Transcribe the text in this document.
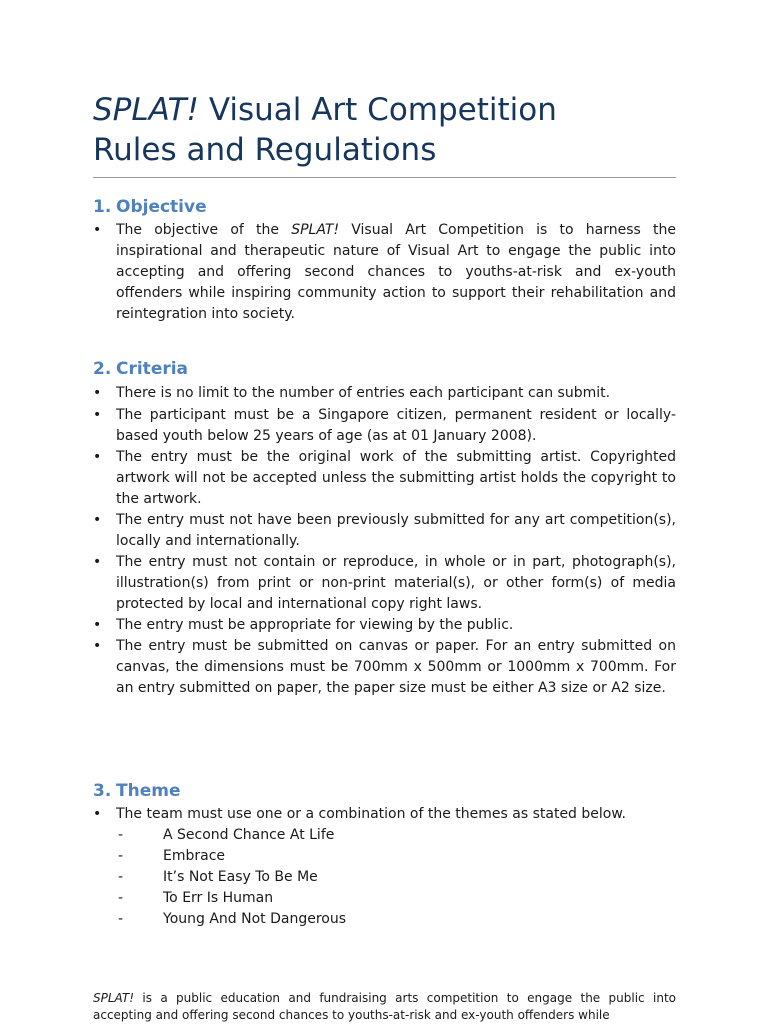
SPLAT! Visual Art Competition
Rules and Regulations
1. Objective
• The objective of the SPLAT! Visual Art Competition is to harness the inspirational and therapeutic nature of Visual Art to engage the public into accepting and offering second chances to youths-at-risk and ex-youth offenders while inspiring community action to support their rehabilitation and reintegration into society.
2. Criteria
• There is no limit to the number of entries each participant can submit.
• The participant must be a Singapore citizen, permanent resident or locally-based youth below 25 years of age (as at 01 January 2008).
• The entry must be the original work of the submitting artist. Copyrighted artwork will not be accepted unless the submitting artist holds the copyright to the artwork.
• The entry must not have been previously submitted for any art competition(s), locally and internationally.
• The entry must not contain or reproduce, in whole or in part, photograph(s), illustration(s) from print or non-print material(s), or other form(s) of media protected by local and international copy right laws.
• The entry must be appropriate for viewing by the public.
• The entry must be submitted on canvas or paper. For an entry submitted on canvas, the dimensions must be 700mm x 500mm or 1000mm x 700mm. For an entry submitted on paper, the paper size must be either A3 size or A2 size.
3. Theme
• The team must use one or a combination of the themes as stated below.
-	A Second Chance At Life
-	Embrace
-	It’s Not Easy To Be Me
-	To Err Is Human
-	Young And Not Dangerous

SPLAT! is a public education and fundraising arts competition to engage the public into accepting and offering second chances to youths-at-risk and ex-youth offenders while
